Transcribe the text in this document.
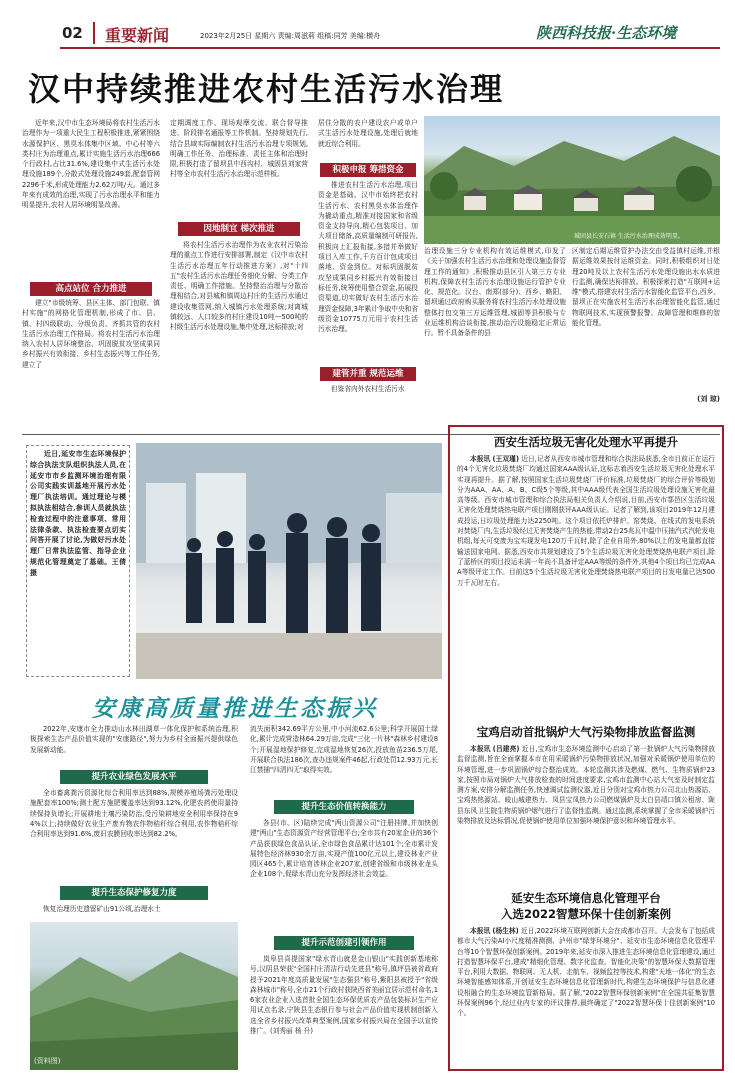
02 重要新闻	2023年2月25日 星期六 责编:周滋莉 组稿:同芳 美编:横舟	陕西科技报·生态环境
汉中持续推进农村生活污水治理
近年来,汉中市生态环境局将农村生活污水治理作为一项重大民生工程积极推进,紧紧围绕水源保护区、黑臭水体集中区域、中心村等六类村庄为治理重点,累计实施生活污水治理666个行政村,占比31.6%,建设集中式生活污水处理设施189个,分散式处理设施249套,配套管网2296千米,形成处理能力2.62万吨/天。通过多年来有成效的治理,实现了污水治理水平和能力明显提升,农村人居环境明显改善。
高点站位 合力推进
建立"市级统筹、县区主体、部门包联、镇村实施"的网格化管理机制,形成了市、县、镇、村四级联动、分级负责、齐抓共管的农村生活污水治理工作格局。将农村生活污水治理纳入农村人居环境整治、巩固脱贫攻坚成果同乡村振兴有效衔接、乡村生态振兴等工作任务,建立了
定期调度工作、现场观摩交流、联合督导推进、阶段排名通报等工作机制。坚持规划先行,结合县域实际编制农村生活污水治理专项规划,明确工作任务、治理标准、责任主体和治理时限,积极打造了留坝县中西沟村、城固县刘家营村等全市农村生活污水治理示范样板。
因地制宜 梯次推进
将农村生活污水治理作为农业农村污染治理的重点工作进行安排部署,制定《汉中市农村生活污水治理五年行动推进方案》,对"十四五"农村生活污水治理任务细化分解、分类工作责任、明确工作措施。坚持整治治理与分散治理相结合,对县城和镇周边村庄的生活污水通过建设收集管网,纳入城镇污水处理系统;对离城镇较远、人口较多的村庄建设10吨—500吨的村级生活污水处理设施,集中处理,达标排放;对
居住分散的农户建设农户或单户式生活污水处理设施,处理后就地就近综合利用。
积极申报 筹措资金
推进农村生活污水治理,项目资金是基础。汉中市始终把农村生活污水、农村黑臭水体治理作为撬动重点,精准对接国家和省级资金支持导向,精心包装项目、加大项目储备,高质量编制可研报告,积极向上汇报衔接,多措并举做好项目入库工作,千方百计包成项目落地、资金到位。对标巩固脱贫攻坚成果同乡村振兴有效衔接目标任务,统筹使用整合资金,拓展投资渠道,切实做好农村生活污水治理资金保障,3年累计争取中央和省级资金10775万元用于农村生活污水治理。
建管并重 规范运维
但鉴省内外农村生活污水
城固县长安石镇 生活污水治理成效明显。
治理设施三分专业机构有效运维模式,印发了《关于加强农村生活污水治理和处理设施监督管理工作的通知》,积极推动县区引入第三方专业机构,保障农村生活污水治理设施运行管护专业化、规范化。汉台、南郑(部分)、西乡、略阳、留坝通过政府购买服务将农村生活污水处理设施整体打包交第三方运维管理,城固等县积极与专业运维机构洽谈衔接,推动治污设施稳定正常运行。暂不具备条件的县
区制定后期运维管护办法交由受益镇村运维,并根据运维效果按付运维资金。同时,积极组织对日处理20吨及以上农村生活污水处理设施出水水质进行监测,确保达标排放。积极探索打造"互联网+运维"模式,搭建农村生活污水智能化监管平台,西乡、留坝正在实施农村生活污水治理智能化监管,通过物联网技术,实现预警报警、故障管理和维修的智能化管理。
(刘 琼)
近日,延安市生态环境保护综合执法支队组织执法人员,在延安市市乡监测环境治理有限公司实践实训基地开展污水处理厂执法培训。通过理论与模拟执法相结合,参训人员就执法检查过程中的注意事项、常用法律条款、执法检查要点切实问答开展了讨论,为做好污水处理厂日常执法监管、指导企业规范化管理奠定了基础。王倩 摄
安康高质量推进生态振兴
2022年,安康市全力推动山水林田湖草一体化保护和系统治理,积极探索生态产品价值实现的"安康路径",努力为乡村全面振兴提供绿色发展新动能。
提升农业绿色发展水平
全市畜禽粪污资源化综合利用率达到88%,规模养殖场粪污处理设施配套率100%;测土配方施肥覆盖率达到93.12%,化肥农药使用量持续保持负增长;开展耕地土壤污染防治,受污染耕地安全利用率保持在94%以上;持续做好农业生产废弃物农作物秸秆综合利用,农作物秸秆综合利用率达到91.6%,废旧农膜回收率达到82.2%。
提升生态保护修复力度
恢复治理历史遗留矿山91公顷,治理水土
(资料图)
流失面积342.69平方公里,中小河流62.6公里;科学开展国土绿化,累计完成营造林64.29万亩,完成"三化一片林"森林乡村建设8个;开展湿地保护修复,完成湿地恢复26次,投放鱼苗236.5万尾,开展联合执法186次,查办违规案件46起,行政处罚12.93万元,长江禁捕"四清四无"取得实效。
提升生态价值转换能力
各县(市、区)陆续完成"两山资源公司"注册挂牌,并加快创建"两山"生态资源资产经营管理平台;全市共有20家企业的36个产品获获绿色食品认证,全市绿色食品累计达101个;全市累计发展特色经济林930余万亩,实现产值100亿元以上,建设林业产业园区465个,累计培育涉林企业207家,创建省级和市级林业龙头企业108个,促绿水青山充分发挥经济社会效益。
提升示范创建引领作用
岚皋县喜提国家"绿水青山就是金山银山"实践创新基地称号,汉阴县荣获"全国村庄清洁行动先进县"称号,镇坪县被省政府授予2021年度高质量发展"生态强县"称号,紫阳县被授予"省级森林城市"称号,全市21个行政村获陕西省美丽宜居示范村命名,16家农业企业入选首批全国生态环保优质农产品包装标识生产应用试点名录,宁陕县生态银行参与社会产品价值实现机制创新入选全省乡村振兴改革典型案例,国家乡村振兴局在全国予以宣传推广。(刘秀丽 杨 升)
西安生活垃圾无害化处理水平再提升
本报讯 (王双瑾) 近日,记者从西安市城市管理和综合执法局获悉,全市目前正在运行的4个无害化垃圾焚烧厂均通过国家AAA级认证,这标志着西安生活垃圾无害化处理水平实现再提升。据了解,按照国家生活垃圾焚烧厂评价标准,垃圾焚烧厂的综合评价等级划分为AAA、AA、A、B、C级5个等级,其中AAA级代表全国生活垃圾处理设施无害化最高等级。西安市城市管理和综合执法局相关负责人介绍说,目前,西安市鄠邑区生活垃圾无害化处理焚烧热电联产项目刚刚获评AAA级认证。记者了解到,该项目2019年12月建成投运,日垃圾处理能力达2250吨。这个项目依托炉排炉、窑焚烧、在线式的发电系统对焚烧厂内,生活垃圾经过无害焚烧产生的热能,带动2台25兆瓦中温中压抽汽式汽轮发电机组,每天可变废为宝实现发电120万千瓦时,除了企业自用外,80%以上的发电量都直接输送国家电网。据悉,西安市共规划建设了5个生活垃圾无害化处理焚烧热电联产项目,除了蓝桥区的项目投运未满一年尚不具备评定AAA等级的条件外,其他4个项目均已完成AAA等级评定工作。目前这5个生活垃圾无害化处理焚烧热电联产项目的日发电量已达500万千瓦时左右。
宝鸡启动首批锅炉大气污染物排放监督监测
本报讯 (吕建亮) 近日,宝鸡市生态环境监测中心启动了第一批锅炉大气污染物排放监督监测,旨在全面掌握本市在用采暖锅炉污染物排放状况,加强对采暖锅炉使用单位的环境管理,进一步巩固锅炉综合整治成效。本轮监测共涉及燃煤、燃气、生物质锅炉23家,按照市局对锅炉大气排放检查的时间进度要求,宝鸡市监测中心站大气室及时制定监测方案,安排分解监测任务,快速调试监测仪器,近日分别对宝鸡市热力公司北山热源站、宝鸡热热源站、岐山城建热力、凤县宝凤热力公司燃煤锅炉及太白县靖口镇公租房、陇县东风卫生院生物质锅炉烟气进行了监督性监测。通过监测,系统掌握了全市采暖锅炉污染物排放及达标情况,促使锅炉使用单位加强环境保护意识和环境管理水平。
延安生态环境信息化管理平台
入选2022智慧环保十佳创新案例
本报讯 (杨生林) 近日,2022环境互联网创新大会在成都市召开。大会发布了包括成都市大气污染AI小尺度精准测测、泸州市"绿芽环境分"、延安市生态环境信息化管理平台等10个智慧环保创新案例。2019年来,延安市深入推进生态环境信息化管理建设,通过打造智慧环保平台,建成"精细化管理、数字化监查、智能化决策"的智慧环保大数据管理平台,利用大数据、物联网、无人机、走航车、视频监控等技术,构建"天地一体化"的生态环境智能感知体系,开创延安生态环境信息化管理新时代,构建生态环境保护与信息化建设相融合的生态环境监管新格局。据了解,"2022智慧环保创新案例"在全国共征集智慧环保案例96个,经过业内专家的评议推荐,最终确定了"2022智慧环保十佳创新案例"10个。
